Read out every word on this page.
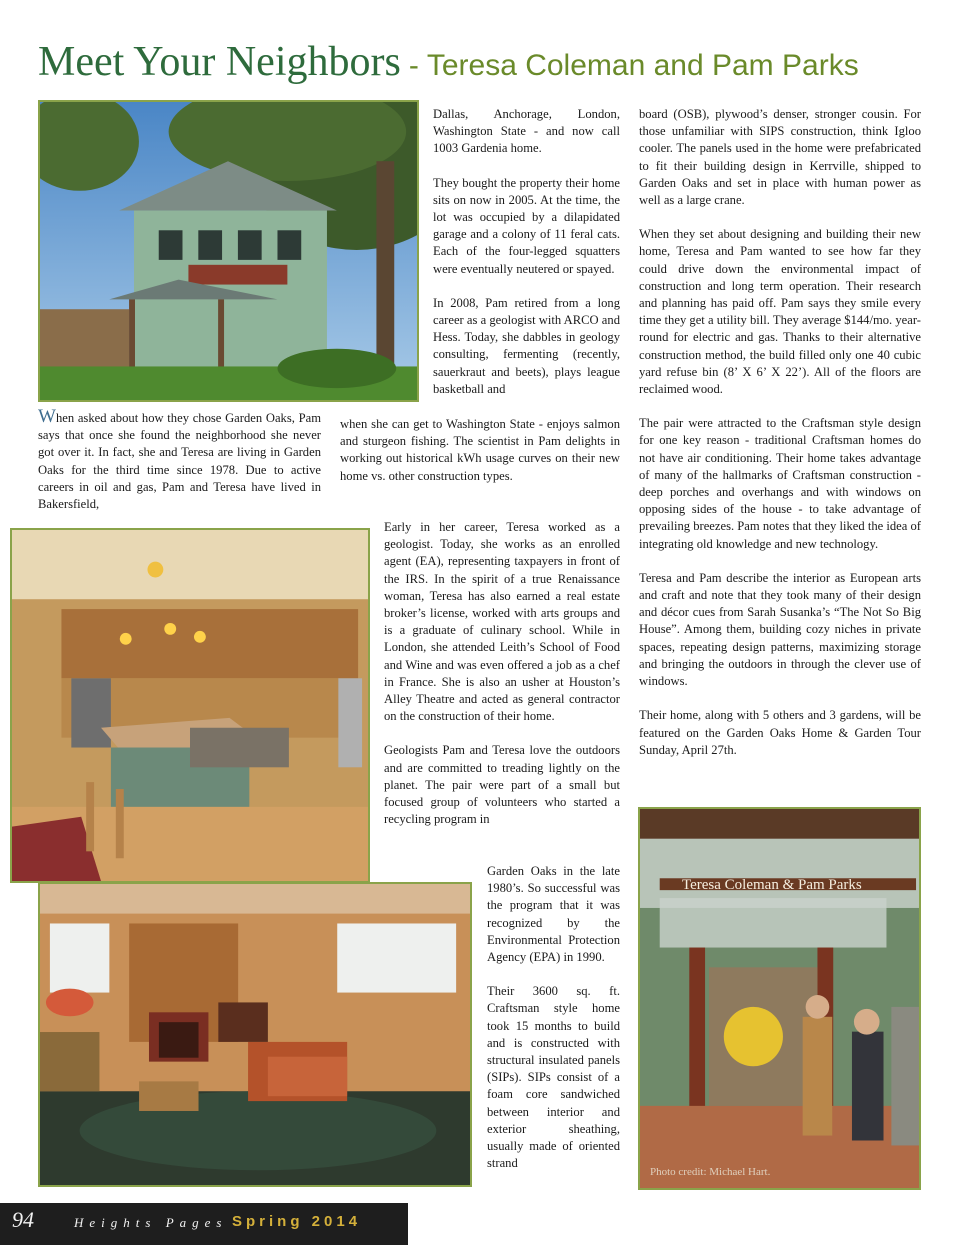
Meet Your Neighbors - Teresa Coleman and Pam Parks
Teresa Coleman & Pam Parks
Photo credit: Michael Hart.

When asked about how they chose Garden Oaks, Pam says that once she found the neighborhood she never got over it. In fact, she and Teresa are living in Garden Oaks for the third time since 1978. Due to active careers in oil and gas, Pam and Teresa have lived in Bakersfield,

Dallas, Anchorage, London, Washington State - and now call 1003 Gardenia home.

They bought the property their home sits on now in 2005. At the time, the lot was occupied by a dilapidated garage and a colony of 11 feral cats. Each of the four-legged squatters were eventually neutered or spayed.

In 2008, Pam retired from a long career as a geologist with ARCO and Hess. Today, she dabbles in geology consulting, fermenting (recently, sauerkraut and beets), plays league basketball and

when she can get to Washington State - enjoys salmon and sturgeon fishing. The scientist in Pam delights in working out historical kWh usage curves on their new home vs. other construction types.

Early in her career, Teresa worked as a geologist. Today, she works as an enrolled agent (EA), representing taxpayers in front of the IRS. In the spirit of a true Renaissance woman, Teresa has also earned a real estate broker’s license, worked with arts groups and is a graduate of culinary school. While in London, she attended Leith’s School of Food and Wine and was even offered a job as a chef in France. She is also an usher at Houston’s Alley Theatre and acted as general contractor on the construction of their home.

Geologists Pam and Teresa love the outdoors and are committed to treading lightly on the planet. The pair were part of a small but focused group of volunteers who started a recycling program in

Garden Oaks in the late 1980’s. So successful was the program that it was recognized by the Environmental Protection Agency (EPA) in 1990.

Their 3600 sq. ft. Craftsman style home took 15 months to build and is constructed with structural insulated panels (SIPs). SIPs consist of a foam core sandwiched between interior and exterior sheathing, usually made of oriented strand

board (OSB), plywood’s denser, stronger cousin. For those unfamiliar with SIPS construction, think Igloo cooler. The panels used in the home were prefabricated to fit their building design in Kerrville, shipped to Garden Oaks and set in place with human power as well as a large crane.

When they set about designing and building their new home, Teresa and Pam wanted to see how far they could drive down the environmental impact of construction and long term operation. Their research and planning has paid off. Pam says they smile every time they get a utility bill. They average $144/mo. year-round for electric and gas. Thanks to their alternative construction method, the build filled only one 40 cubic yard refuse bin (8’ X 6’ X 22’). All of the floors are reclaimed wood.

The pair were attracted to the Craftsman style design for one key reason - traditional Craftsman homes do not have air conditioning. Their home takes advantage of many of the hallmarks of Craftsman construction - deep porches and overhangs and with windows on opposing sides of the house - to take advantage of prevailing breezes. Pam notes that they liked the idea of integrating old knowledge and new technology.

Teresa and Pam describe the interior as European arts and craft and note that they took many of their design and décor cues from Sarah Susanka’s “The Not So Big House”. Among them, building cozy niches in private spaces, repeating design patterns, maximizing storage and bringing the outdoors in through the clever use of windows.

Their home, along with 5 others and 3 gardens, will be featured on the Garden Oaks Home & Garden Tour Sunday, April 27th.

94	Heights Pages Spring 2014
